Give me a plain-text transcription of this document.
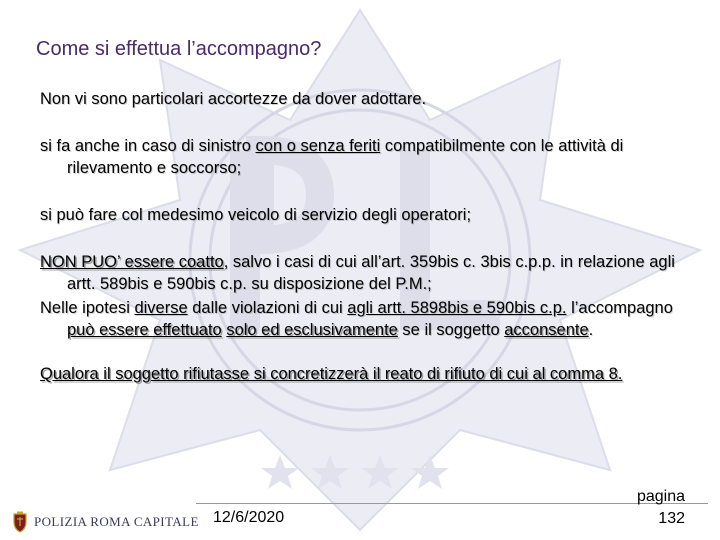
Come si effettua l’accompagno?

Non vi sono particolari accortezze da dover adottare.

si fa anche in caso di sinistro con o senza feriti compatibilmente con le attività di rilevamento e soccorso;

si può fare col medesimo veicolo di servizio degli operatori;

NON PUO’ essere coatto, salvo i casi di cui all’art. 359bis c. 3bis c.p.p. in relazione agli artt. 589bis e 590bis c.p. su disposizione del P.M.;

Nelle ipotesi diverse dalle violazioni di cui agli artt. 5898bis e 590bis c.p. l’accompagno può essere effettuato solo ed esclusivamente se il soggetto acconsente.

Qualora il soggetto rifiutasse si concretizzerà il reato di rifiuto di cui al comma 8.

POLIZIA ROMA CAPITALE 12/6/2020
pagina
132
